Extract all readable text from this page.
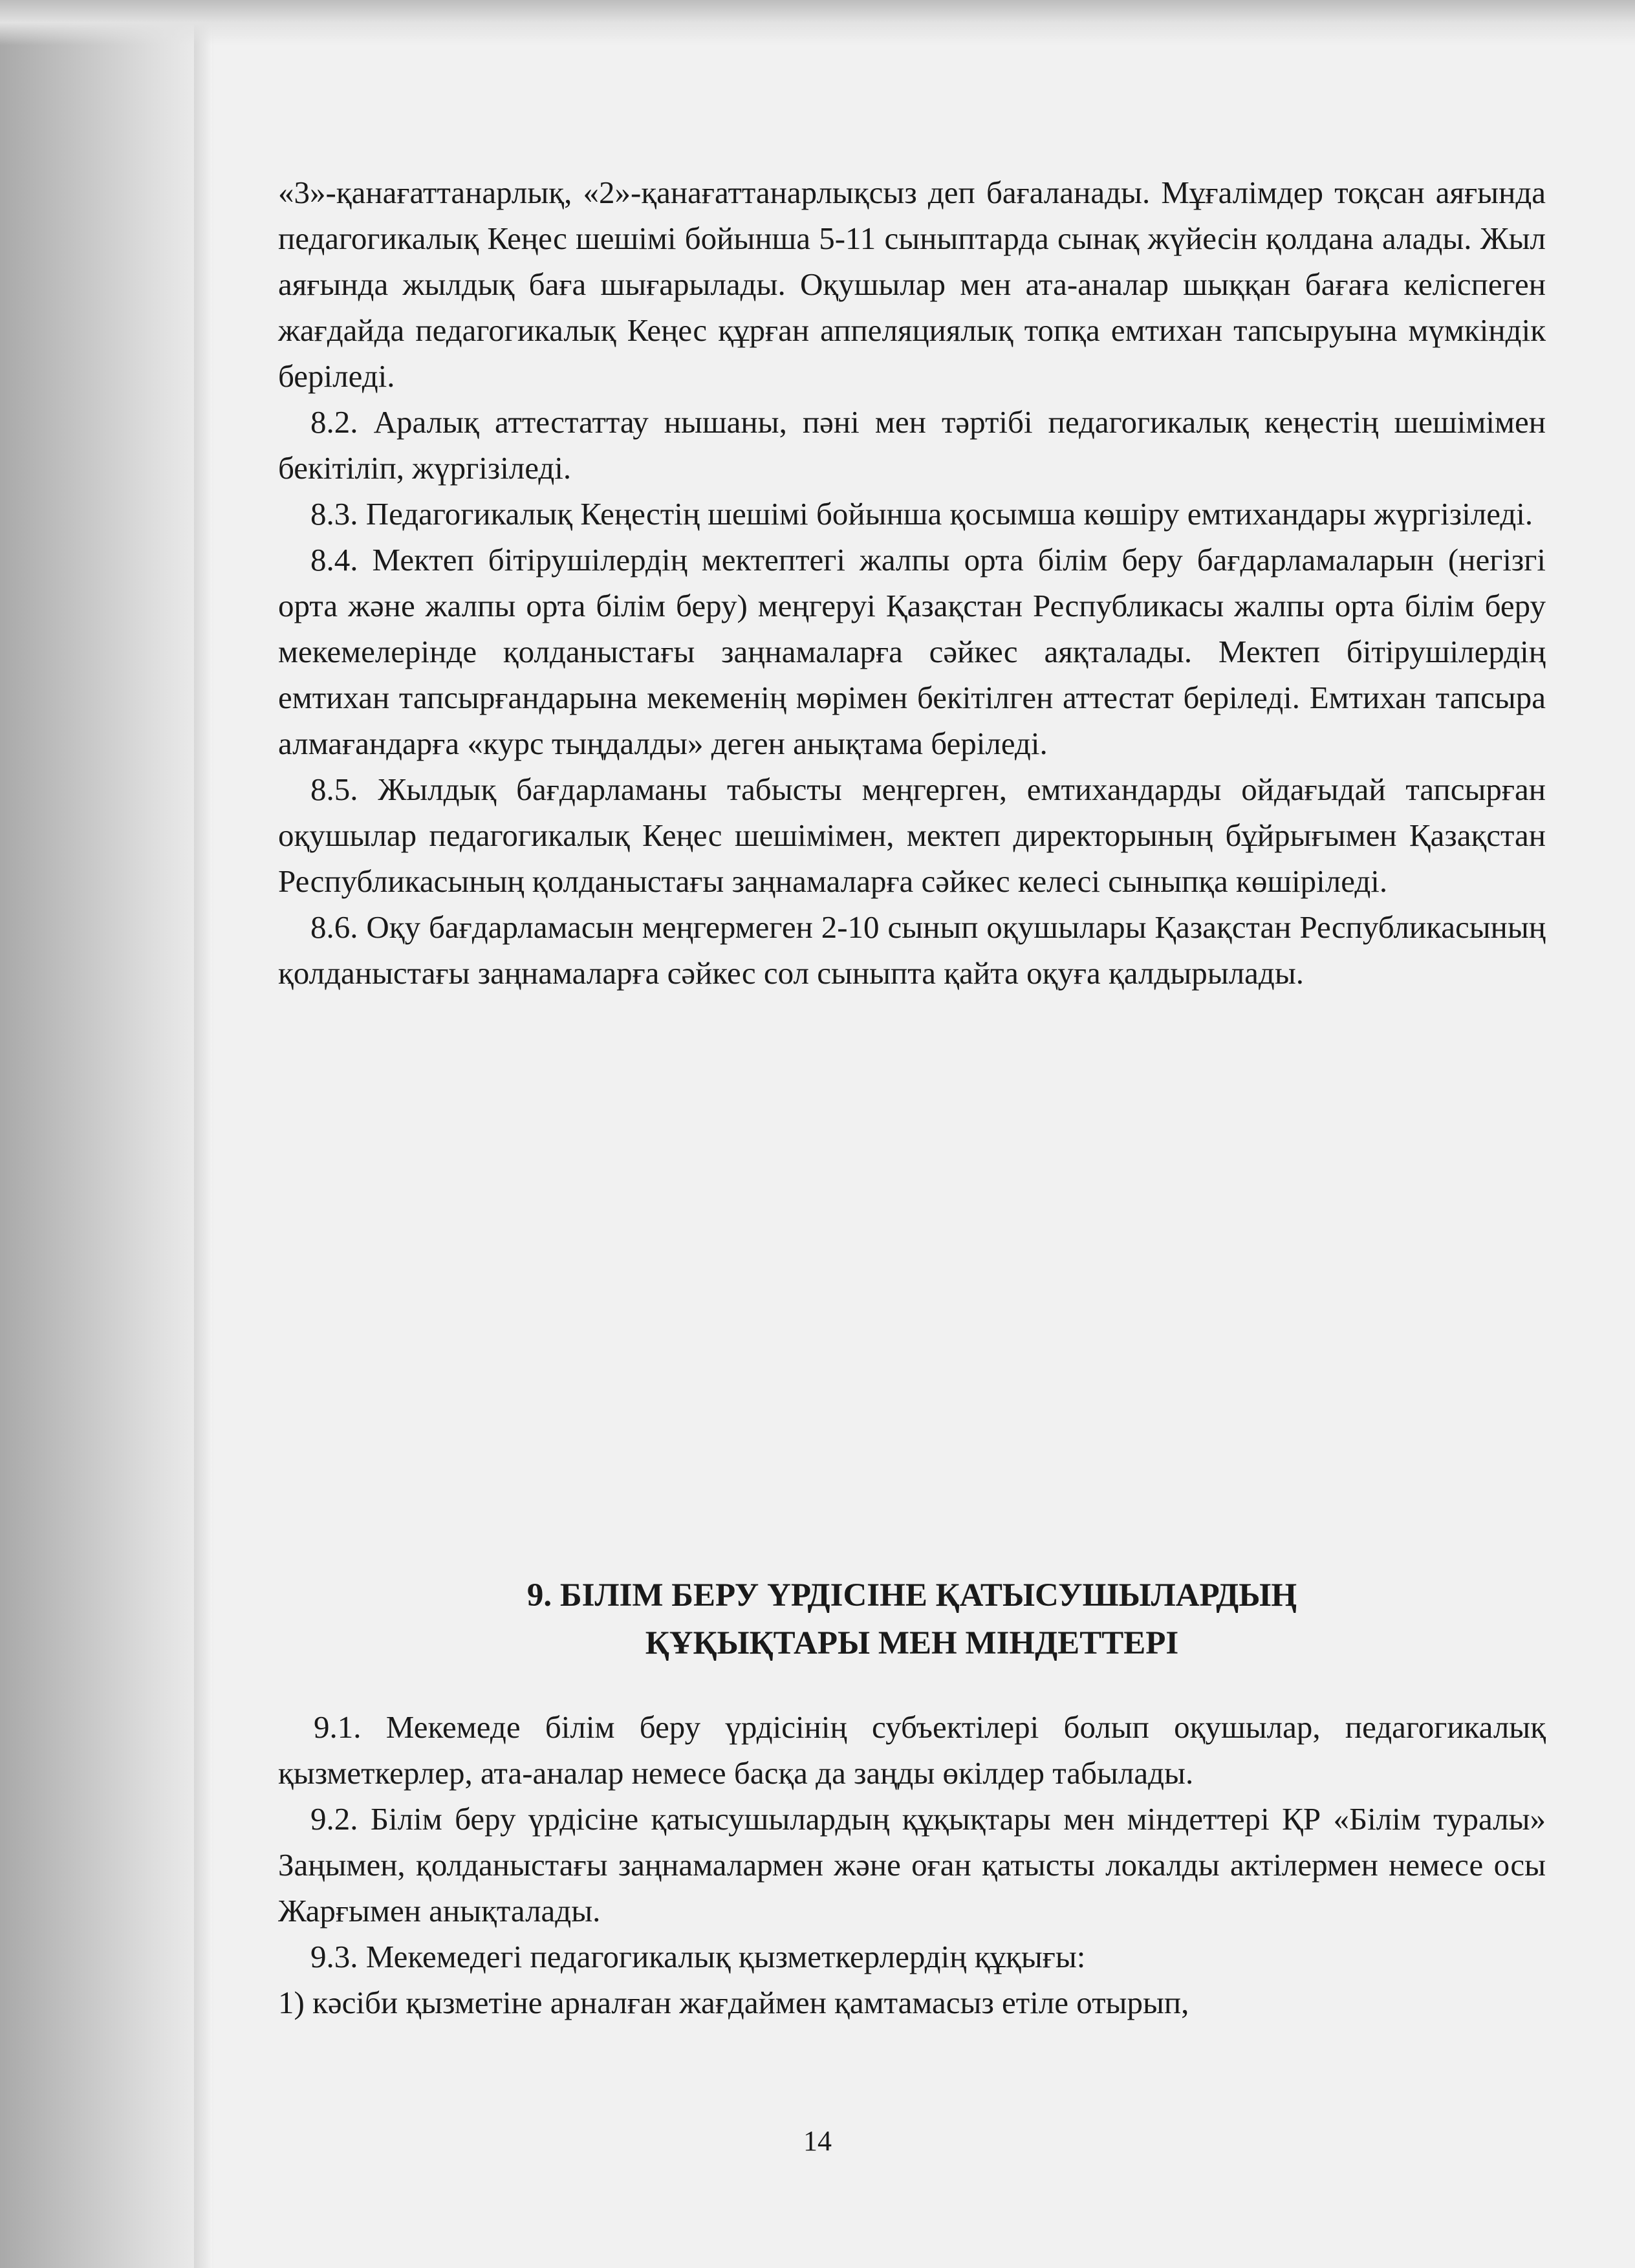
«3»-қанағаттанарлық, «2»-қанағаттанарлықсыз деп бағаланады. Мұғалімдер тоқсан аяғында педагогикалық Кеңес шешімі бойынша 5-11 сыныптарда сынақ жүйесін қолдана алады. Жыл аяғында жылдық баға шығарылады. Оқушылар мен ата-аналар шыққан бағаға келіспеген жағдайда педагогикалық Кеңес құрған аппеляциялық топқа емтихан тапсыруына мүмкіндік беріледі.

8.2. Аралық аттестаттау нышаны, пәні мен тәртібі педагогикалық кеңестің шешімімен бекітіліп, жүргізіледі.

8.3. Педагогикалық Кеңестің шешімі бойынша қосымша көшіру емтихандары жүргізіледі.

8.4. Мектеп бітірушілердің мектептегі жалпы орта білім беру бағдарламаларын (негізгі орта және жалпы орта білім беру) меңгеруі Қазақстан Республикасы жалпы орта білім беру мекемелерінде қолданыстағы заңнамаларға сәйкес аяқталады. Мектеп бітірушілердің емтихан тапсырғандарына мекеменің мөрімен бекітілген аттестат беріледі. Емтихан тапсыра алмағандарға «курс тыңдалды» деген анықтама беріледі.

8.5. Жылдық бағдарламаны табысты меңгерген, емтихандарды ойдағыдай тапсырған оқушылар педагогикалық Кеңес шешімімен, мектеп директорының бұйрығымен Қазақстан Республикасының қолданыстағы заңнамаларға сәйкес келесі сыныпқа көшіріледі.

8.6. Оқу бағдарламасын меңгермеген 2-10 сынып оқушылары Қазақстан Республикасының қолданыстағы заңнамаларға сәйкес сол сыныпта қайта оқуға қалдырылады.

9. БІЛІМ БЕРУ ҮРДІСІНЕ ҚАТЫСУШЫЛАРДЫҢ
ҚҰҚЫҚТАРЫ МЕН МІНДЕТТЕРІ

9.1. Мекемеде білім беру үрдісінің субъектілері болып оқушылар, педагогикалық қызметкерлер, ата-аналар немесе басқа да заңды өкілдер табылады.

9.2. Білім беру үрдісіне қатысушылардың құқықтары мен міндеттері ҚР «Білім туралы» Заңымен, қолданыстағы заңнамалармен және оған қатысты локалды актілермен немесе осы Жарғымен анықталады.

9.3. Мекемедегі педагогикалық қызметкерлердің құқығы:

1) кәсіби қызметіне арналған жағдаймен қамтамасыз етіле отырып,

14
